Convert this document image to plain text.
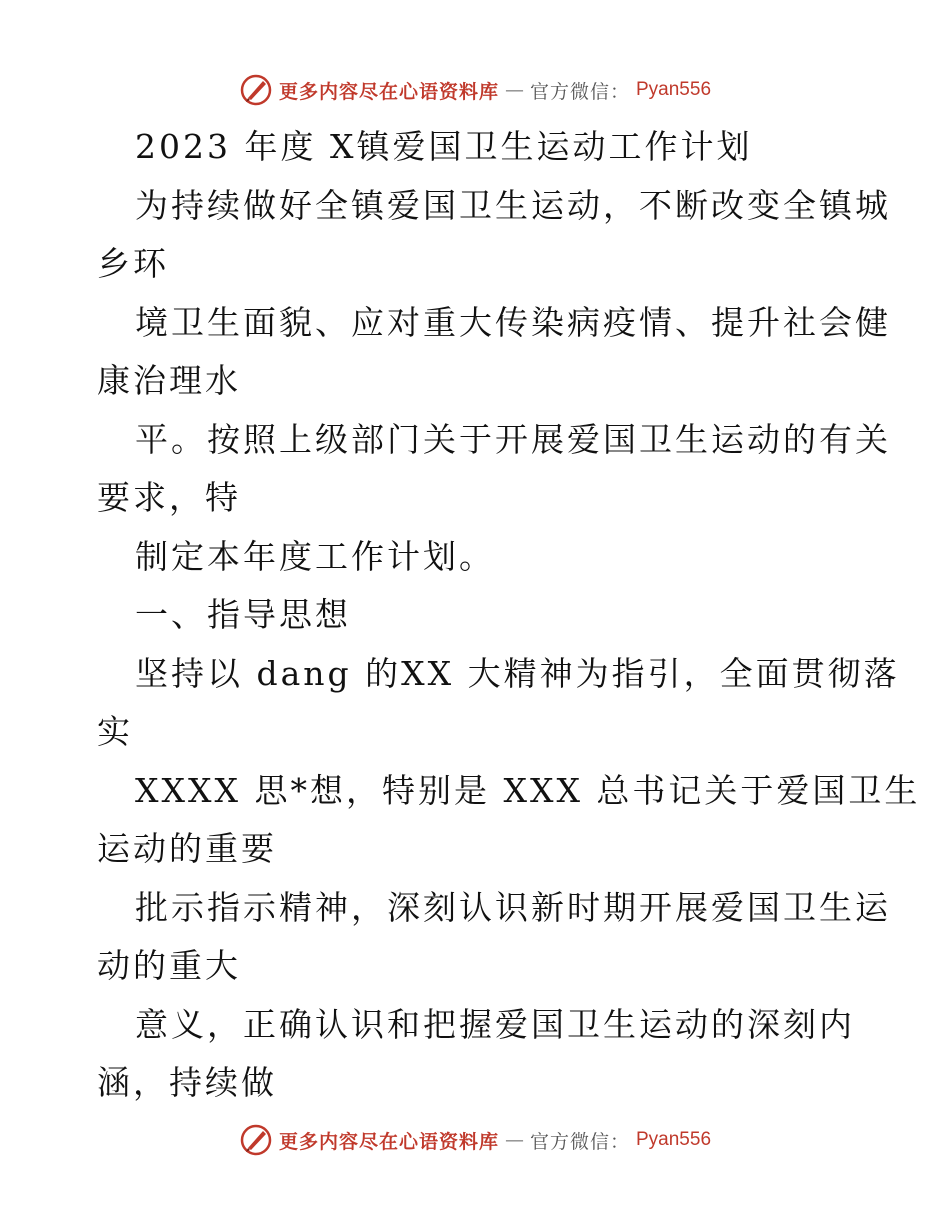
更多内容尽在心语资料库 — 官方微信： Pyan556
2023 年度 X镇爱国卫生运动工作计划
为持续做好全镇爱国卫生运动，不断改变全镇城
乡环
境卫生面貌、应对重大传染病疫情、提升社会健
康治理水
平。按照上级部门关于开展爱国卫生运动的有关
要求，特
制定本年度工作计划。
一、指导思想
坚持以 dang 的XX 大精神为指引，全面贯彻落
实
XXXX 思*想，特别是 XXX 总书记关于爱国卫生
运动的重要
批示指示精神，深刻认识新时期开展爱国卫生运
动的重大
意义，正确认识和把握爱国卫生运动的深刻内
涵，持续做
更多内容尽在心语资料库 — 官方微信： Pyan556
